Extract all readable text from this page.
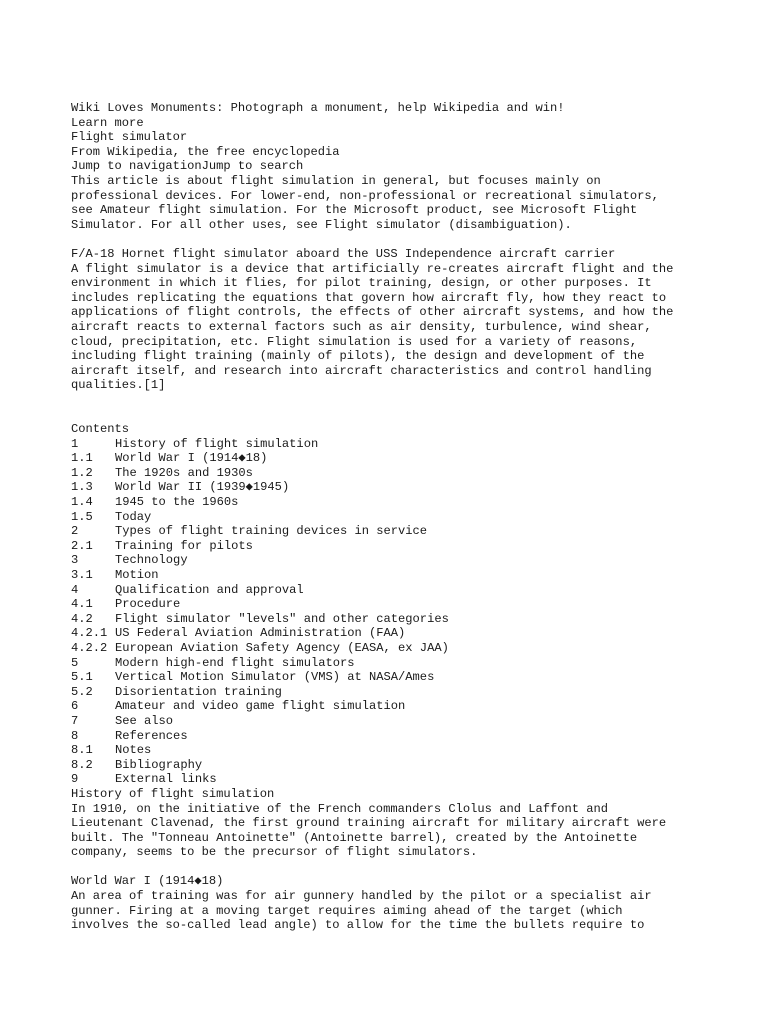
Wiki Loves Monuments: Photograph a monument, help Wikipedia and win!
Learn more
Flight simulator
From Wikipedia, the free encyclopedia
Jump to navigationJump to search
This article is about flight simulation in general, but focuses mainly on
professional devices. For lower-end, non-professional or recreational simulators,
see Amateur flight simulation. For the Microsoft product, see Microsoft Flight
Simulator. For all other uses, see Flight simulator (disambiguation).
F/A-18 Hornet flight simulator aboard the USS Independence aircraft carrier
A flight simulator is a device that artificially re-creates aircraft flight and the
environment in which it flies, for pilot training, design, or other purposes. It
includes replicating the equations that govern how aircraft fly, how they react to
applications of flight controls, the effects of other aircraft systems, and how the
aircraft reacts to external factors such as air density, turbulence, wind shear,
cloud, precipitation, etc. Flight simulation is used for a variety of reasons,
including flight training (mainly of pilots), the design and development of the
aircraft itself, and research into aircraft characteristics and control handling
qualities.[1]
Contents
1	History of flight simulation
1.1	World War I (1914◆18)
1.2	The 1920s and 1930s
1.3	World War II (1939◆1945)
1.4	1945 to the 1960s
1.5	Today
2	Types of flight training devices in service
2.1	Training for pilots
3	Technology
3.1	Motion
4	Qualification and approval
4.1	Procedure
4.2	Flight simulator "levels" and other categories
4.2.1 US Federal Aviation Administration (FAA)
4.2.2 European Aviation Safety Agency (EASA, ex JAA)
5	Modern high-end flight simulators
5.1	Vertical Motion Simulator (VMS) at NASA/Ames
5.2	Disorientation training
6	Amateur and video game flight simulation
7	See also
8	References
8.1	Notes
8.2	Bibliography
9	External links
History of flight simulation
In 1910, on the initiative of the French commanders Clolus and Laffont and
Lieutenant Clavenad, the first ground training aircraft for military aircraft were
built. The "Tonneau Antoinette" (Antoinette barrel), created by the Antoinette
company, seems to be the precursor of flight simulators.
World War I (1914◆18)
An area of training was for air gunnery handled by the pilot or a specialist air
gunner. Firing at a moving target requires aiming ahead of the target (which
involves the so-called lead angle) to allow for the time the bullets require to
